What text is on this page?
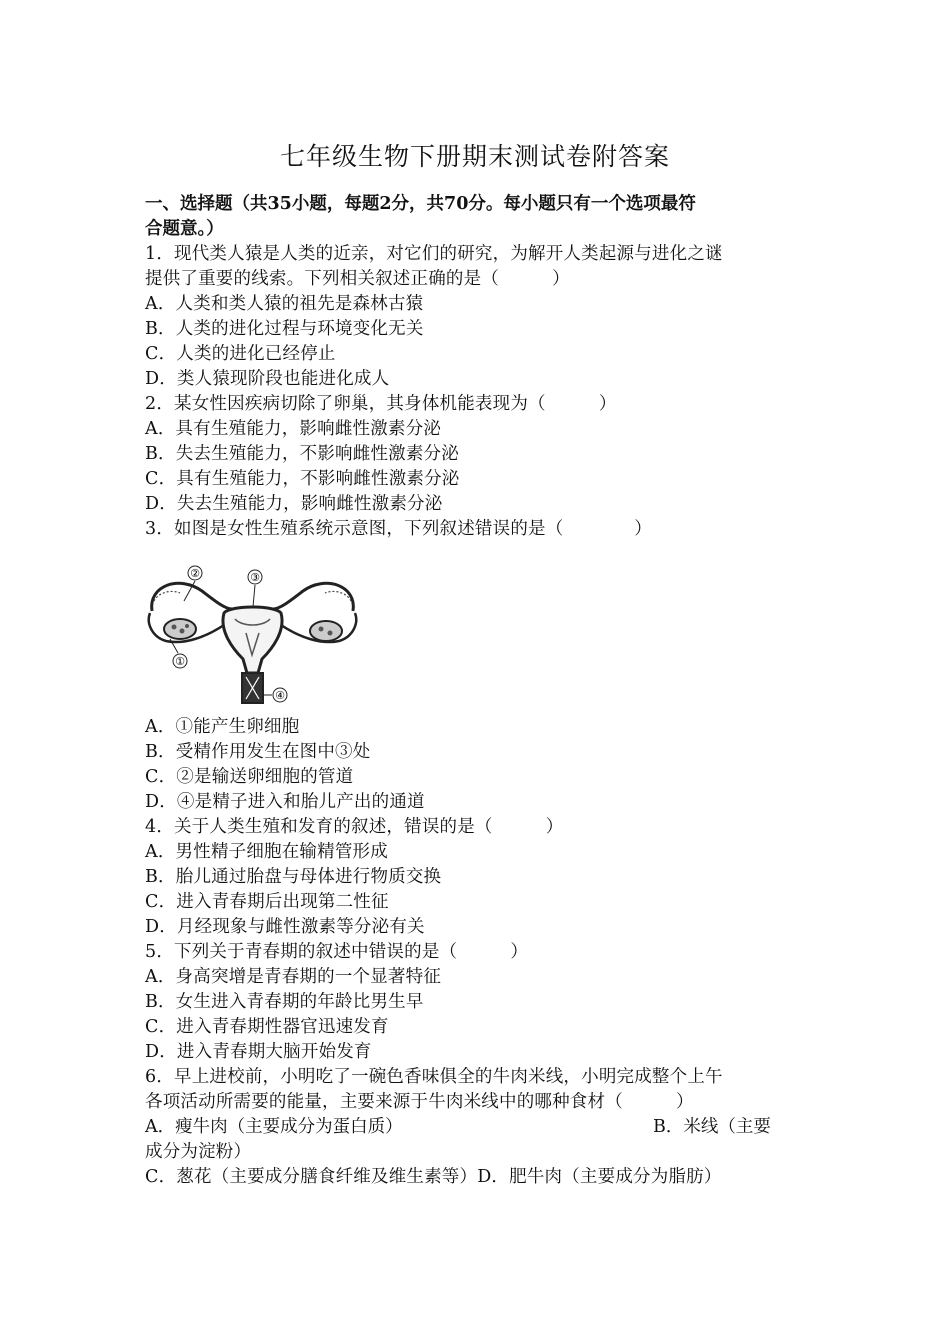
七年级生物下册期末测试卷附答案
一、选择题（共35小题，每题2分，共70分。每小题只有一个选项最符
合题意。）
1．现代类人猿是人类的近亲，对它们的研究，为解开人类起源与进化之谜
提供了重要的线索。下列相关叙述正确的是（　　　）
A．人类和类人猿的祖先是森林古猿
B．人类的进化过程与环境变化无关
C．人类的进化已经停止
D．类人猿现阶段也能进化成人
2．某女性因疾病切除了卵巢，其身体机能表现为（　　　）
A．具有生殖能力，影响雌性激素分泌
B．失去生殖能力，不影响雌性激素分泌
C．具有生殖能力，不影响雌性激素分泌
D．失去生殖能力，影响雌性激素分泌
3．如图是女性生殖系统示意图，下列叙述错误的是（　　　　）
②	③
①
④
A．①能产生卵细胞
B．受精作用发生在图中③处
C．②是输送卵细胞的管道
D．④是精子进入和胎儿产出的通道
4．关于人类生殖和发育的叙述，错误的是（　　　）
A．男性精子细胞在输精管形成
B．胎儿通过胎盘与母体进行物质交换
C．进入青春期后出现第二性征
D．月经现象与雌性激素等分泌有关
5．下列关于青春期的叙述中错误的是（　　　）
A．身高突增是青春期的一个显著特征
B．女生进入青春期的年龄比男生早
C．进入青春期性器官迅速发育
D．进入青春期大脑开始发育
6．早上进校前，小明吃了一碗色香味俱全的牛肉米线，小明完成整个上午
各项活动所需要的能量，主要来源于牛肉米线中的哪种食材（　　　）
A．瘦牛肉（主要成分为蛋白质）	B．米线（主要
成分为淀粉）
C．葱花（主要成分膳食纤维及维生素等）D．肥牛肉（主要成分为脂肪）
